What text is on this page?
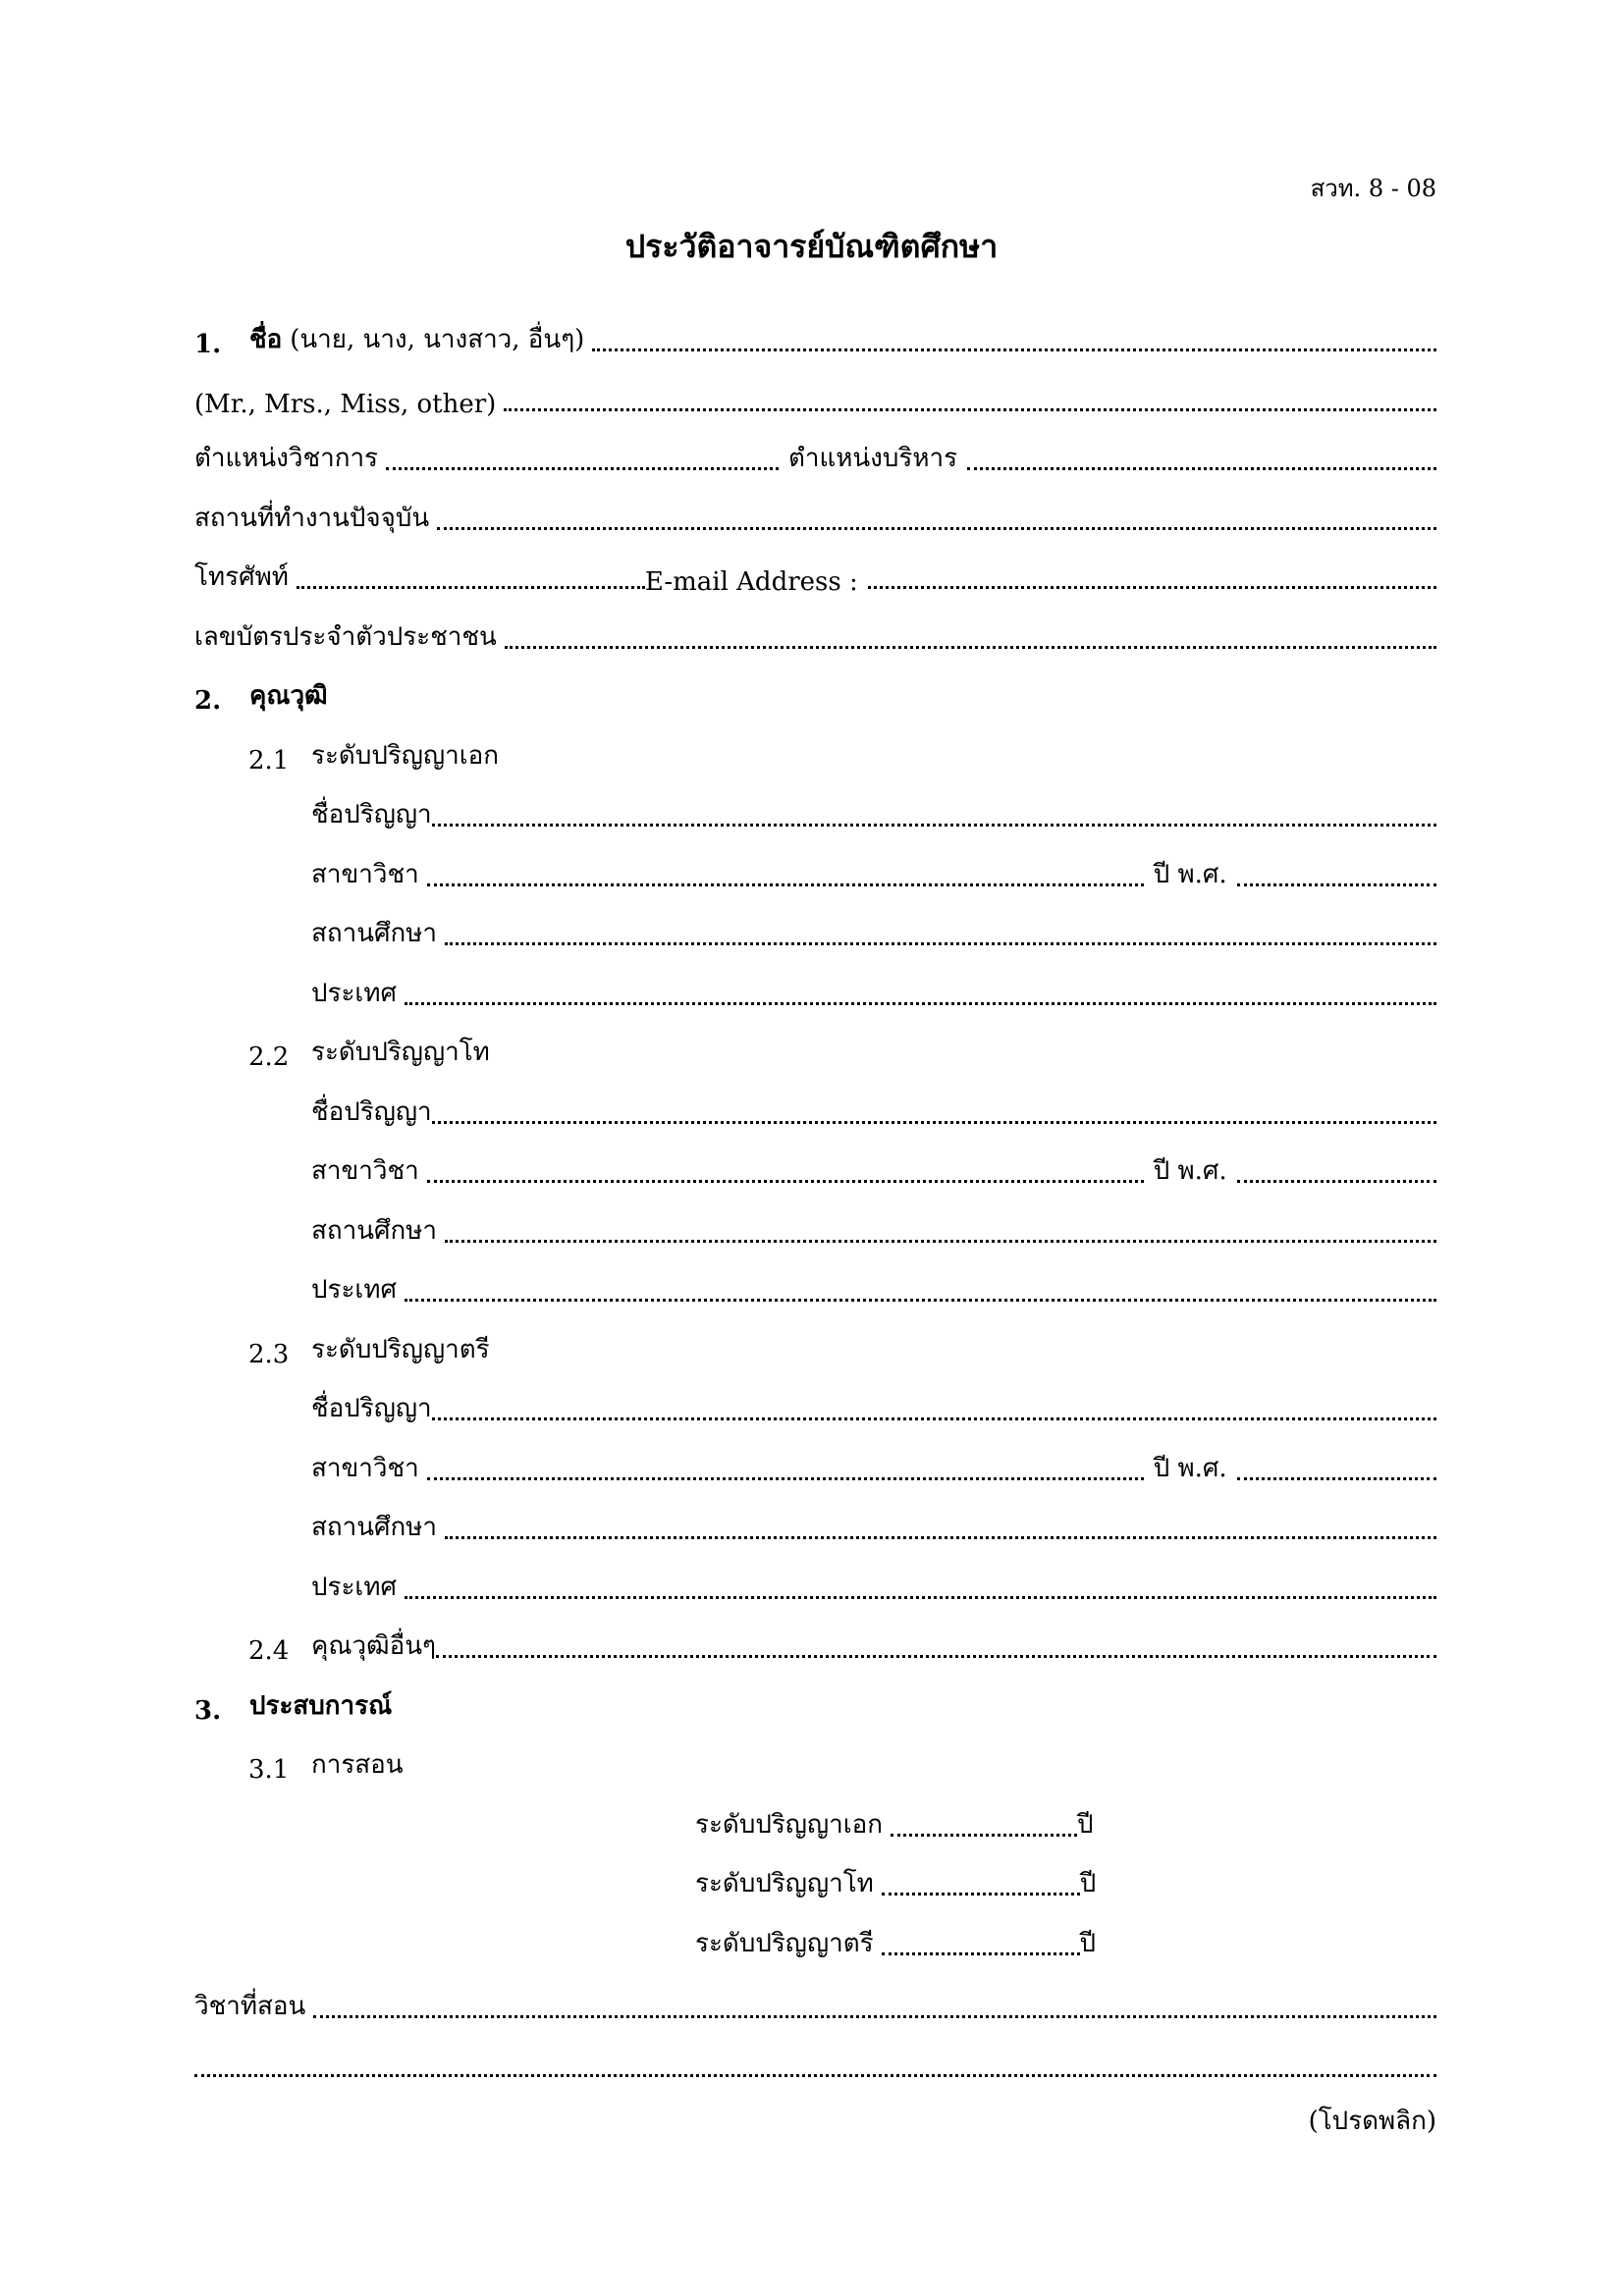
สวท. 8 - 08
ประวัติอาจารย์บัณฑิตศึกษา
1.	ชื่อ (นาย, นาง, นางสาว, อื่นๆ)
(Mr., Mrs., Miss, other)
ตำแหน่งวิชาการ	ตำแหน่งบริหาร
สถานที่ทำงานปัจจุบัน
โทรศัพท์	E-mail Address :
เลขบัตรประจำตัวประชาชน
2.	คุณวุฒิ
2.1 ระดับปริญญาเอก
ชื่อปริญญา
สาขาวิชา	ปี พ.ศ.
สถานศึกษา
ประเทศ
2.2 ระดับปริญญาโท
ชื่อปริญญา
สาขาวิชา	ปี พ.ศ.
สถานศึกษา
ประเทศ
2.3 ระดับปริญญาตรี
ชื่อปริญญา
สาขาวิชา	ปี พ.ศ.
สถานศึกษา
ประเทศ
2.4 คุณวุฒิอื่นๆ
3.	ประสบการณ์
3.1 การสอน
ระดับปริญญาเอก	ปี
ระดับปริญญาโท	ปี
ระดับปริญญาตรี	ปี
วิชาที่สอน
(โปรดพลิก)
